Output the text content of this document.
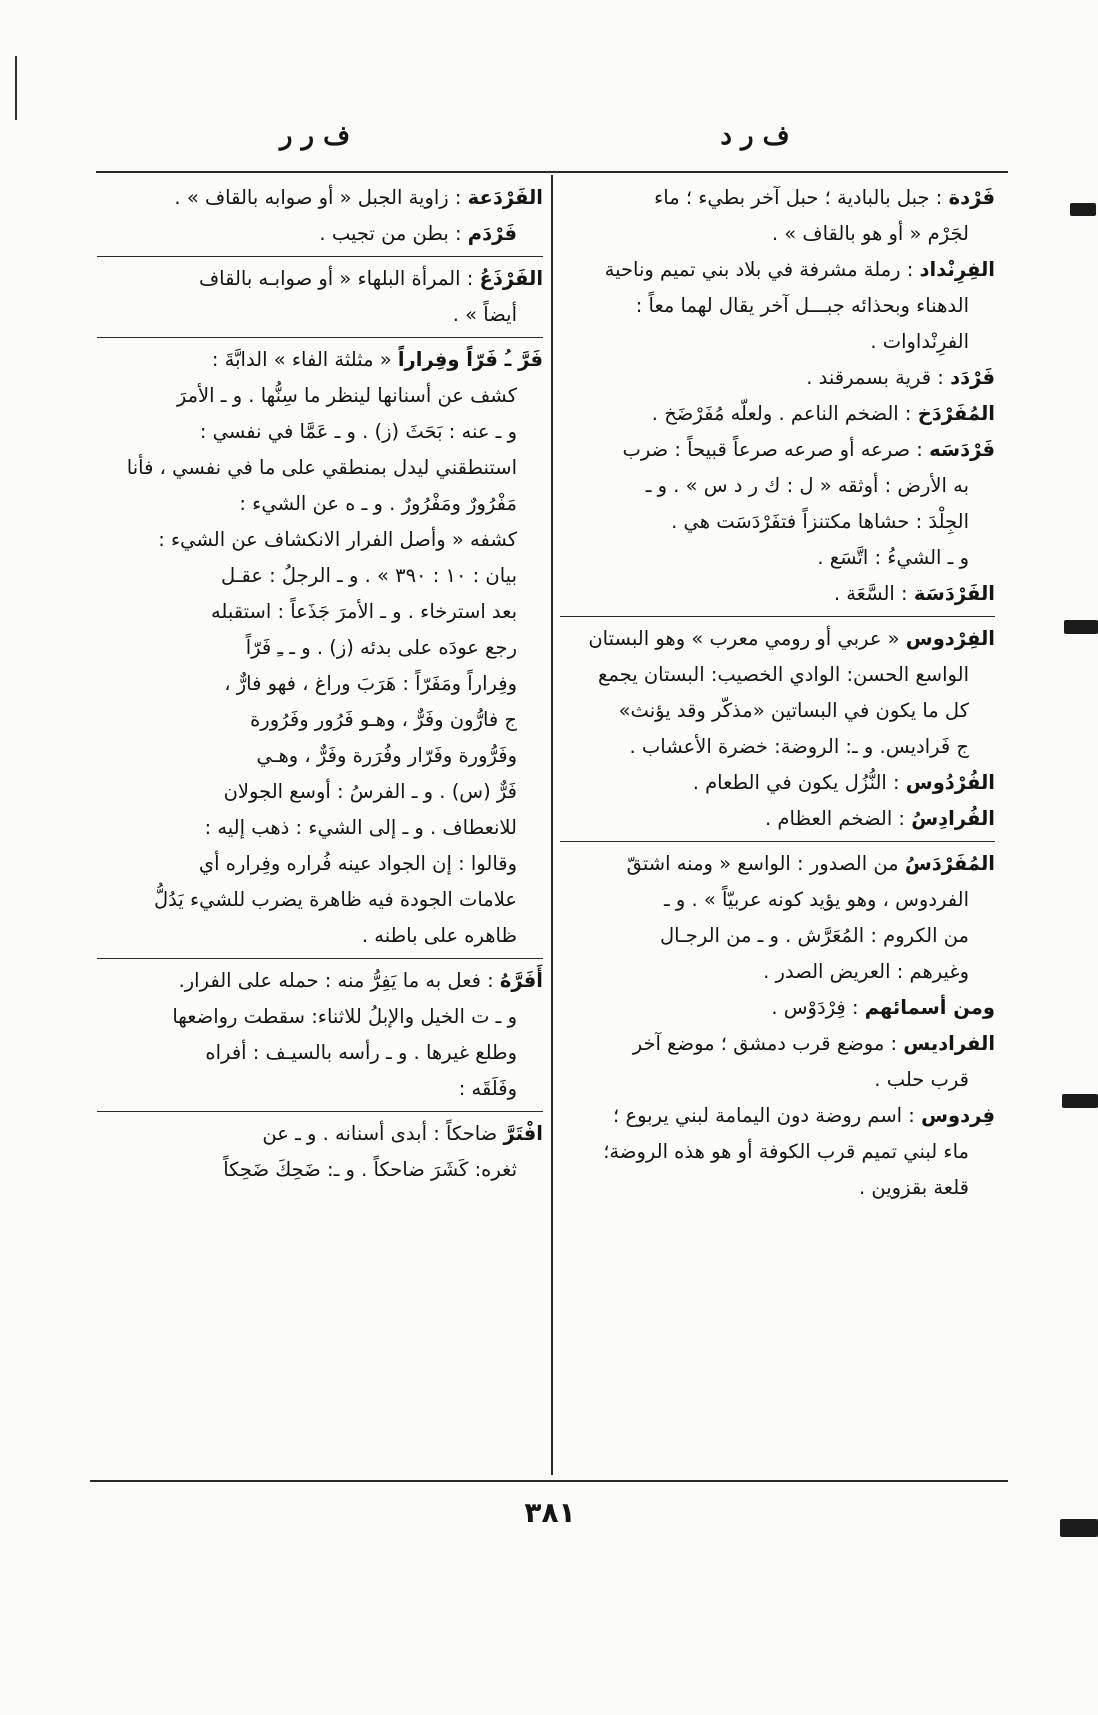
ف ر د
ف ر ر
فَرْدة : جبل بالبادية ؛ حبل آخر بطيء ؛ ماء
لجَرْم « أو هو بالقاف » .
الفِرِنْداد : رملة مشرفة في بلاد بني تميم وناحية
الدهناء وبحذائه جبـــل آخر يقال لهما معاً :
الفرِنْداوات .
فَرْدَد : قرية بسمرقند .
المُفَرْدَخ : الضخم الناعم . ولعلّه مُفَرْضَخ .
فَرْدَسَه : صرعه أو صرعه صرعاً قبيحاً : ضرب
به الأرض : أوثقه « ل : ك ر د س » . و ـ
الجِلْدَ : حشاها مكتنزاً فتفَرْدَسَت هي .
و ـ الشيءُ : اتَّسَع .
الفَرْدَسَة : السَّعَة .
الفِرْدوس « عربي أو رومي معرب » وهو البستان
الواسع الحسن: الوادي الخصيب: البستان يجمع
كل ما يكون في البساتين «مذكّر وقد يؤنث»
ج فَراديس. و ـ: الروضة: خضرة الأعشاب .
الفُرْدُوس : النُّزُل يكون في الطعام .
الفُرادِسُ : الضخم العظام .
المُفَرْدَسُ من الصدور : الواسع « ومنه اشتقّ
الفردوس ، وهو يؤيد كونه عربيّاً » . و ـ
من الكروم : المُعَرَّش . و ـ من الرجـال
وغيرهم : العريض الصدر .
ومن أسمائهم : فِرْدَوْس .
الفراديس : موضع قرب دمشق ؛ موضع آخر
قرب حلب .
فِردوس : اسم روضة دون اليمامة لبني يربوع ؛
ماء لبني تميم قرب الكوفة أو هو هذه الروضة؛
قلعة بقزوين .
الفَرْدَعة : زاوية الجبل « أو صوابه بالقاف » .
فَرْدَم : بطن من تجيب .
الفَرْذَعُ : المرأة البلهاء « أو صوابـه بالقاف
أيضاً » .
فَرَّ ـُ فَرّاً وفِراراً « مثلثة الفاء » الدابَّةَ :
كشف عن أسنانها لينظر ما سِنُّها . و ـ الأمرَ
و ـ عنه : بَحَثَ (ز) . و ـ عَمَّا في نفسي :
استنطقني ليدل بمنطقي على ما في نفسي ، فأنا
مَفْرُورٌ ومَفْرُورٌ . و ـ ه عن الشيء :
كشفه « وأصل الفرار الانكشاف عن الشيء :
بيان : ١٠ : ٣٩٠ » . و ـ الرجلُ : عقـل
بعد استرخاء . و ـ الأمرَ جَذَعاً : استقبله
رجع عودَه على بدئه (ز) . و ـ ـِ فَرّاً
وفِراراً ومَفَرّاً : هَرَبَ وراغ ، فهو فارٌّ ،
ج فارُّون وفَرٌّ ، وهـو فَرُور وفَرُورة
وفَرُّورة وفَرّار وفُرَرة وفَرٌّ ، وهـي
فَرٌّ (س) . و ـ الفرسُ : أوسع الجولان
للانعطاف . و ـ إلى الشيء : ذهب إليه :
وقالوا : إن الجواد عينه فُراره وفِراره أي
علامات الجودة فيه ظاهرة يضرب للشيء يَدُلُّ
ظاهره على باطنه .
أَفَرَّهُ : فعل به ما يَفِرُّ منه : حمله على الفرار.
و ـ ت الخيل والإبلُ للاثناء: سقطت رواضعها
وطلع غيرها . و ـ رأسه بالسيـف : أفراه
وفَلَقَه :
افْتَرَّ ضاحكاً : أبدى أسنانه . و ـ عن
ثغره: كَشَرَ ضاحكاً . و ـ: ضَحِكَ ضَحِكاً
٣٨١
